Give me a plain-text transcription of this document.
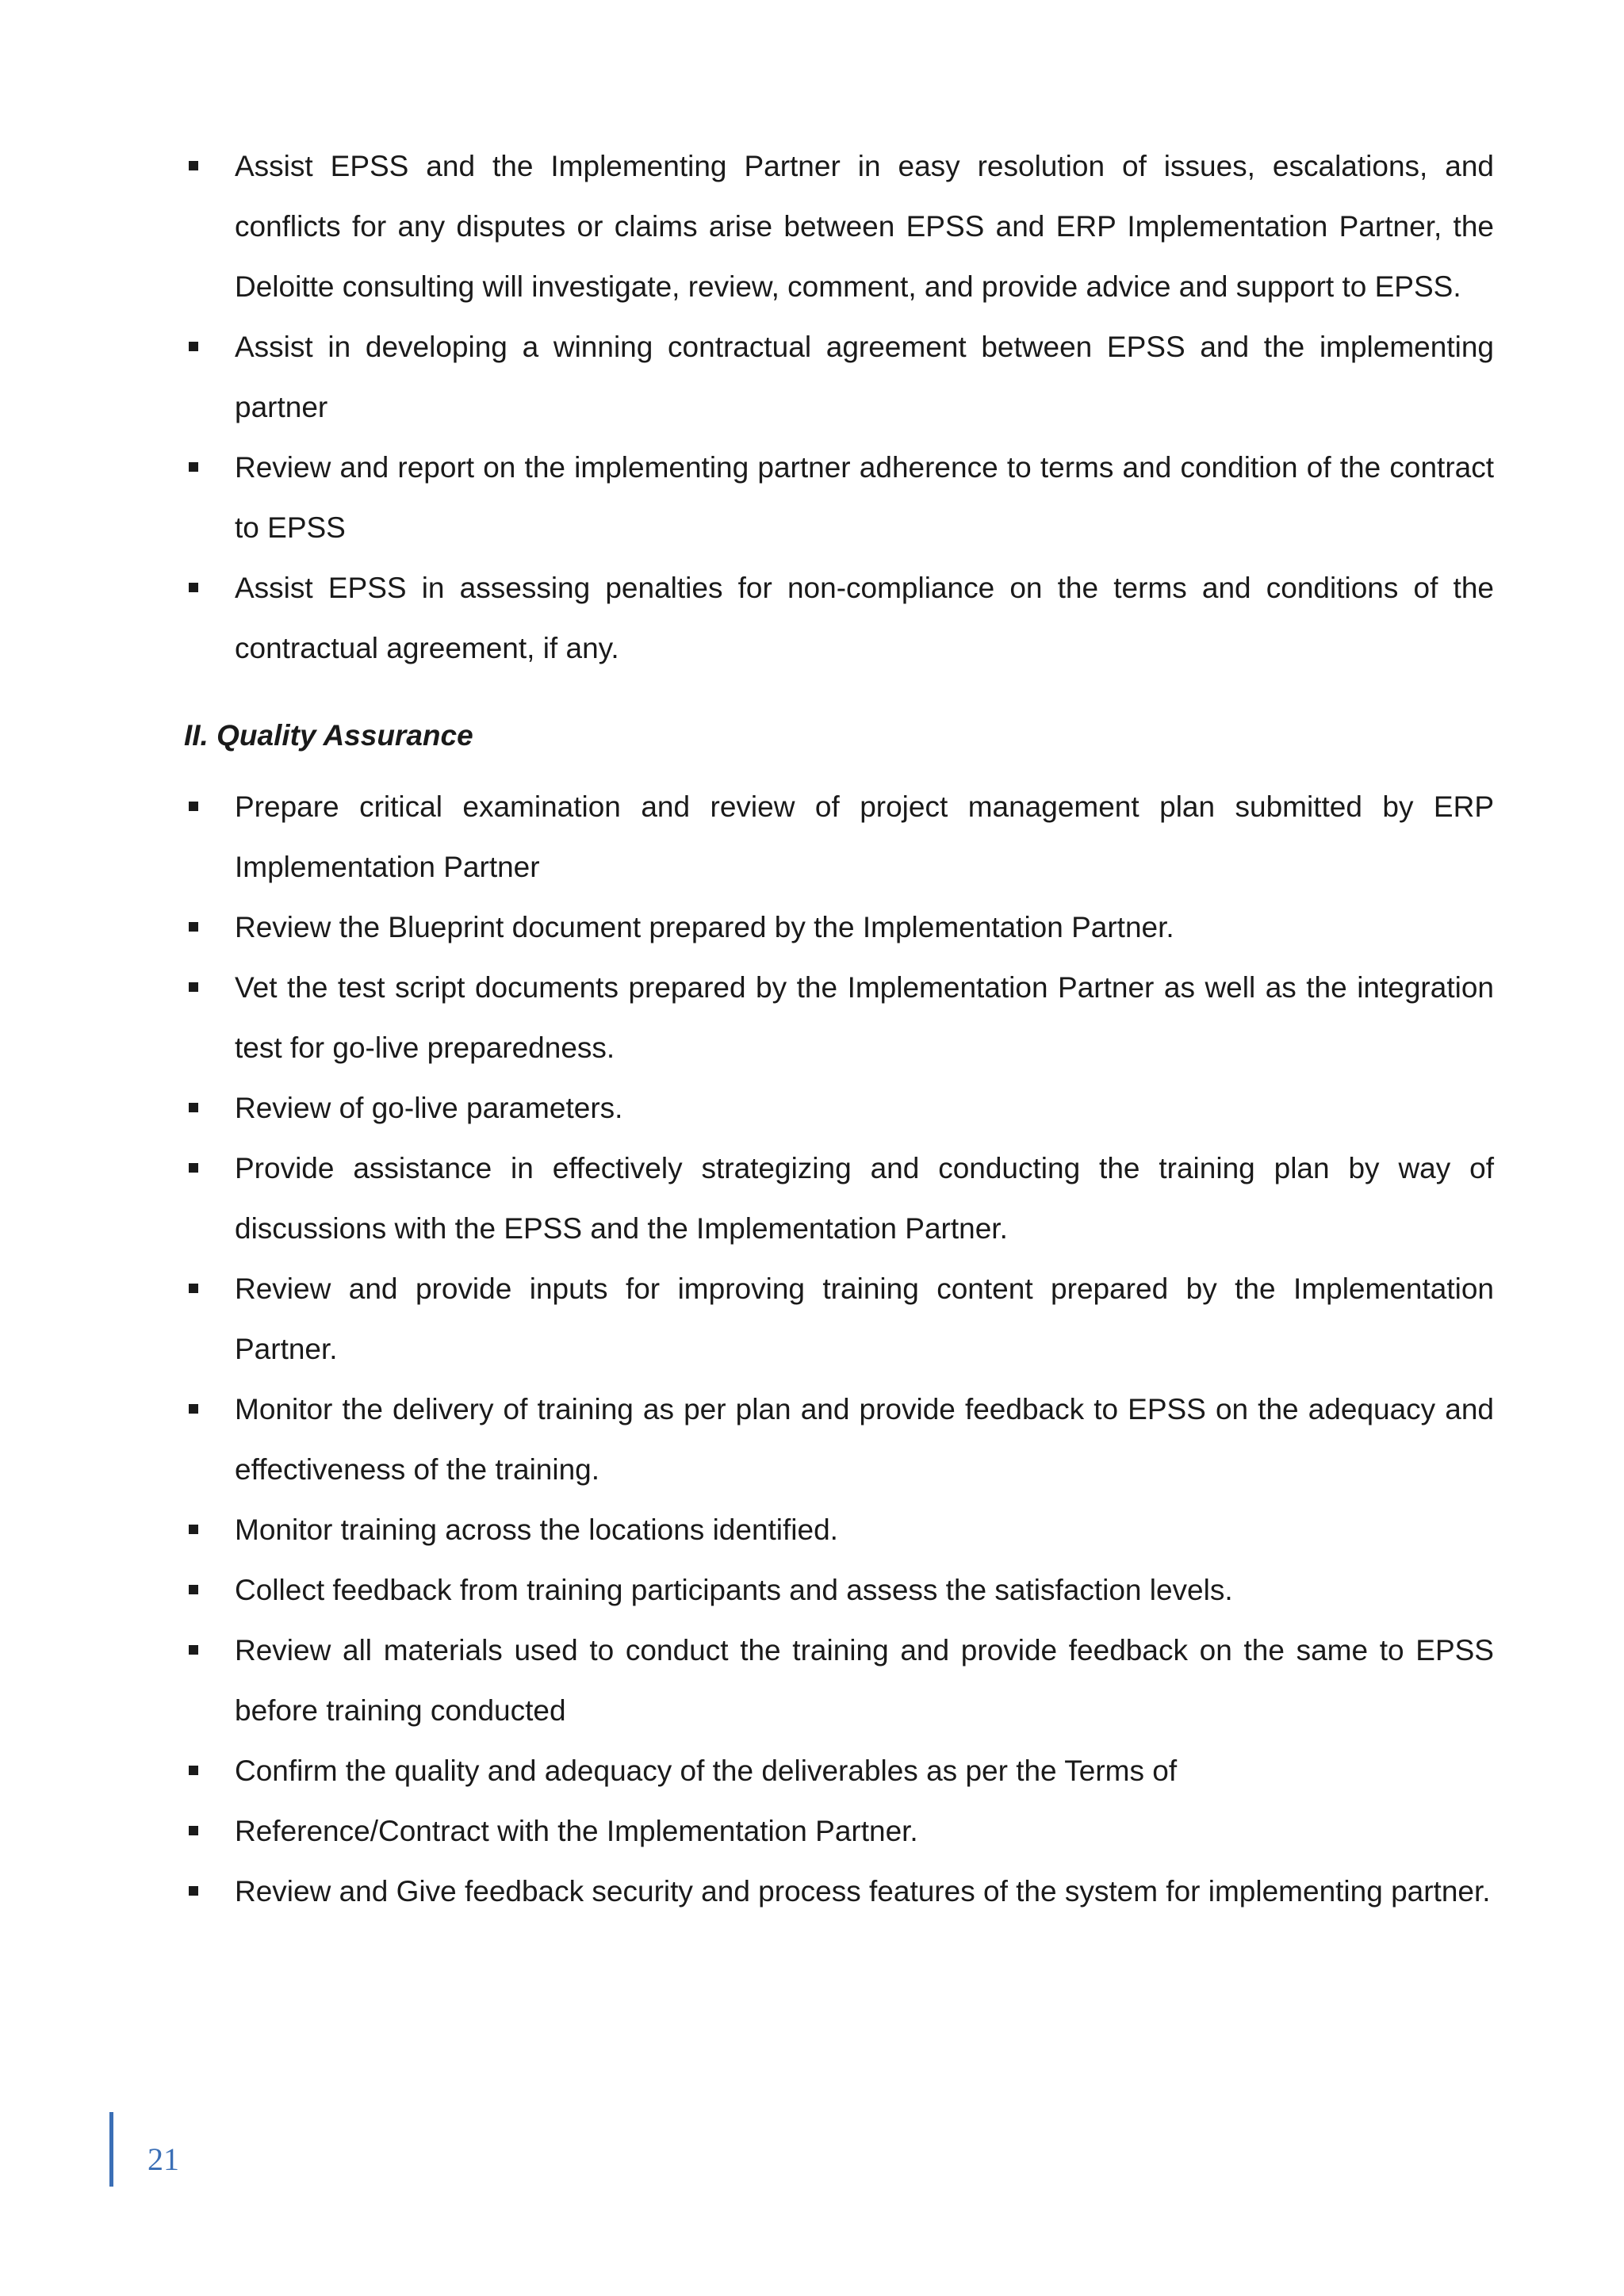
Assist EPSS and the Implementing Partner in easy resolution of issues, escalations, and conflicts for any disputes or claims arise between EPSS and ERP Implementation Partner, the Deloitte consulting will investigate, review, comment, and provide advice and support to EPSS.
Assist in developing a winning contractual agreement between EPSS and the implementing partner
Review and report on the implementing partner adherence to terms and condition of the contract to EPSS
Assist EPSS in assessing penalties for non-compliance on the terms and conditions of the contractual agreement, if any.
II. Quality Assurance
Prepare critical examination and review of project management plan submitted by ERP Implementation Partner
Review the Blueprint document prepared by the Implementation Partner.
Vet the test script documents prepared by the Implementation Partner as well as the integration test for go-live preparedness.
Review of go-live parameters.
Provide assistance in effectively strategizing and conducting the training plan by way of discussions with the EPSS and the Implementation Partner.
Review and provide inputs for improving training content prepared by the Implementation Partner.
Monitor the delivery of training as per plan and provide feedback to EPSS on the adequacy and effectiveness of the training.
Monitor training across the locations identified.
Collect feedback from training participants and assess the satisfaction levels.
Review all materials used to conduct the training and provide feedback on the same to EPSS before training conducted
Confirm the quality and adequacy of the deliverables as per the Terms of
Reference/Contract with the Implementation Partner.
Review and Give feedback security and process features of the system for implementing partner.
21
